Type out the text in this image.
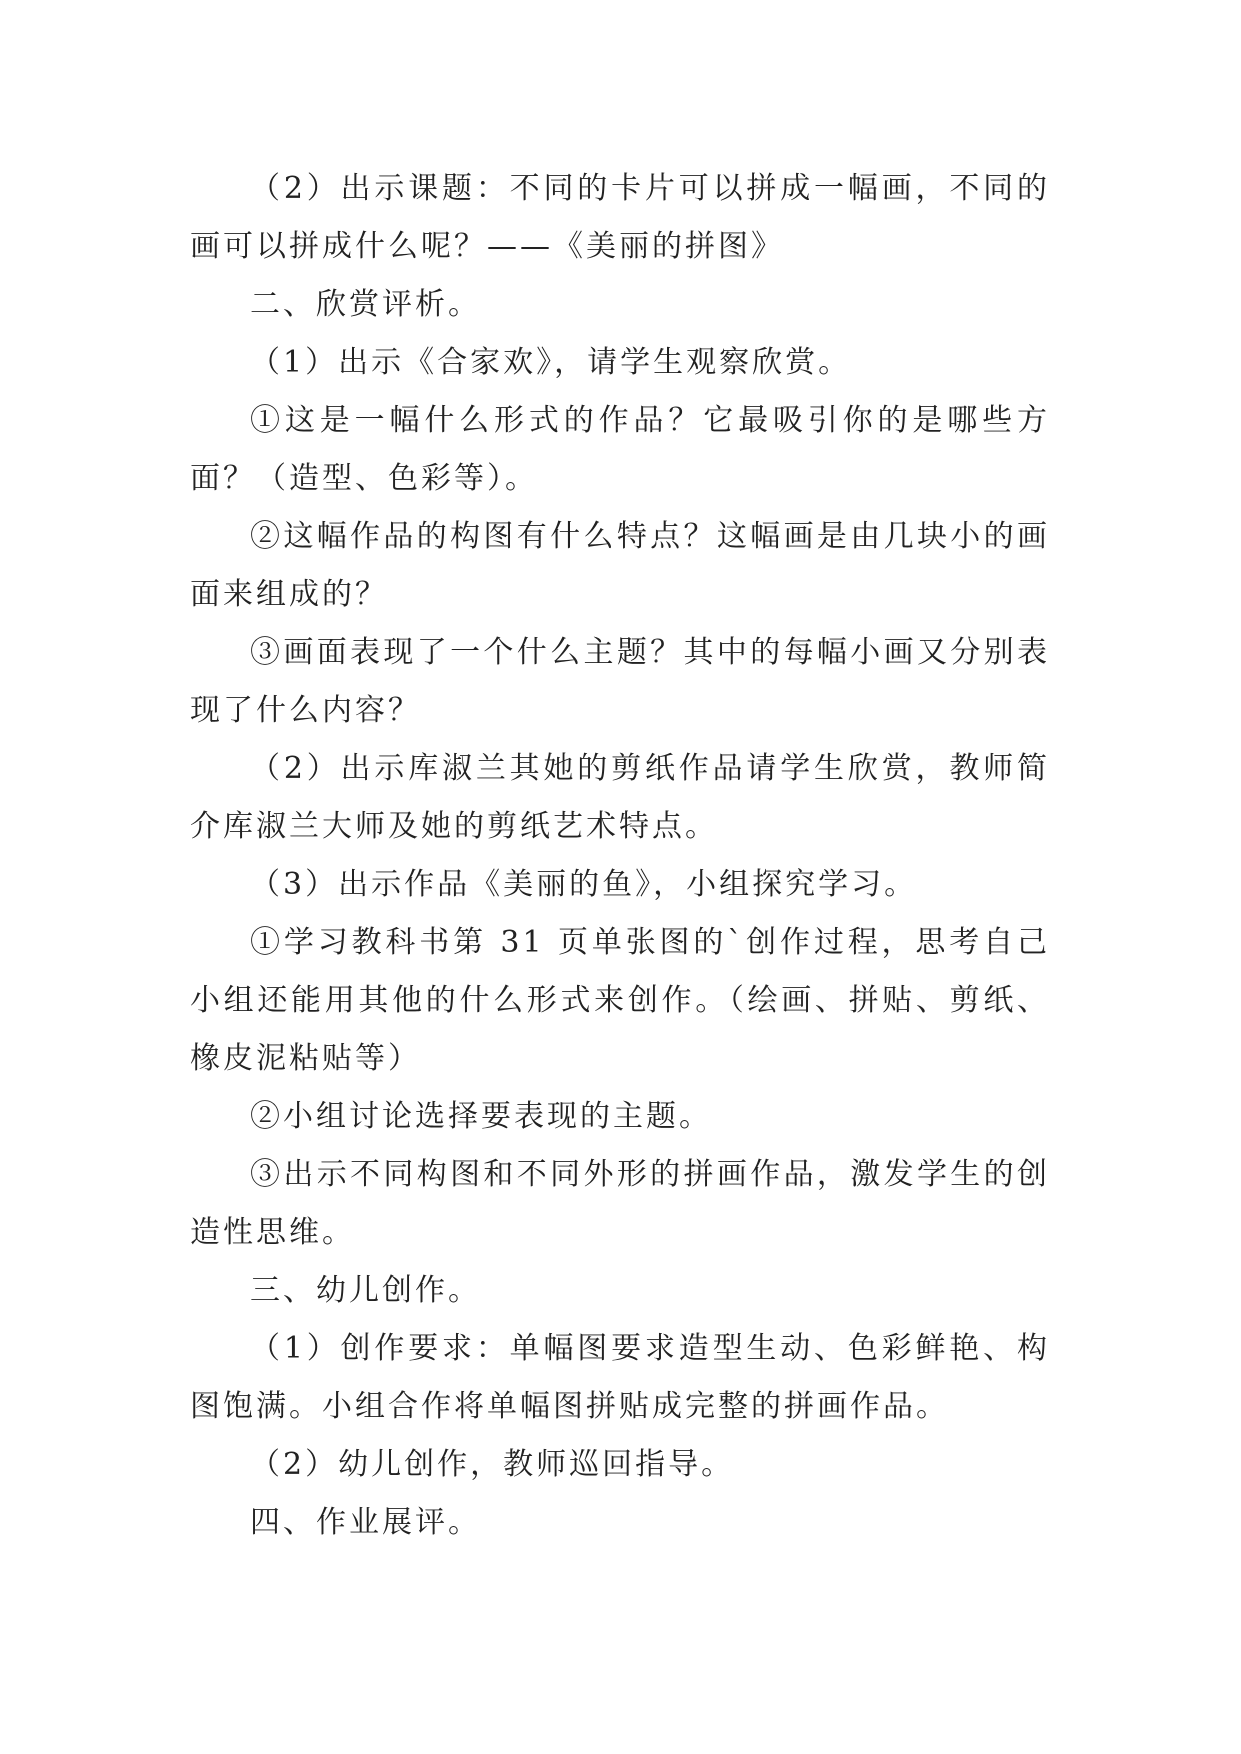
（2）出示课题：不同的卡片可以拼成一幅画，不同的画可以拼成什么呢？——《美丽的拼图》

二、欣赏评析。

（1）出示《合家欢》，请学生观察欣赏。

①这是一幅什么形式的作品？它最吸引你的是哪些方面？（造型、色彩等）。

②这幅作品的构图有什么特点？这幅画是由几块小的画面来组成的？

③画面表现了一个什么主题？其中的每幅小画又分别表现了什么内容？

（2）出示库淑兰其她的剪纸作品请学生欣赏，教师简介库淑兰大师及她的剪纸艺术特点。

（3）出示作品《美丽的鱼》，小组探究学习。

①学习教科书第 31 页单张图的`创作过程，思考自己小组还能用其他的什么形式来创作。（绘画、拼贴、剪纸、橡皮泥粘贴等）

②小组讨论选择要表现的主题。

③出示不同构图和不同外形的拼画作品，激发学生的创造性思维。

三、幼儿创作。

（1）创作要求：单幅图要求造型生动、色彩鲜艳、构图饱满。小组合作将单幅图拼贴成完整的拼画作品。

（2）幼儿创作，教师巡回指导。

四、作业展评。
